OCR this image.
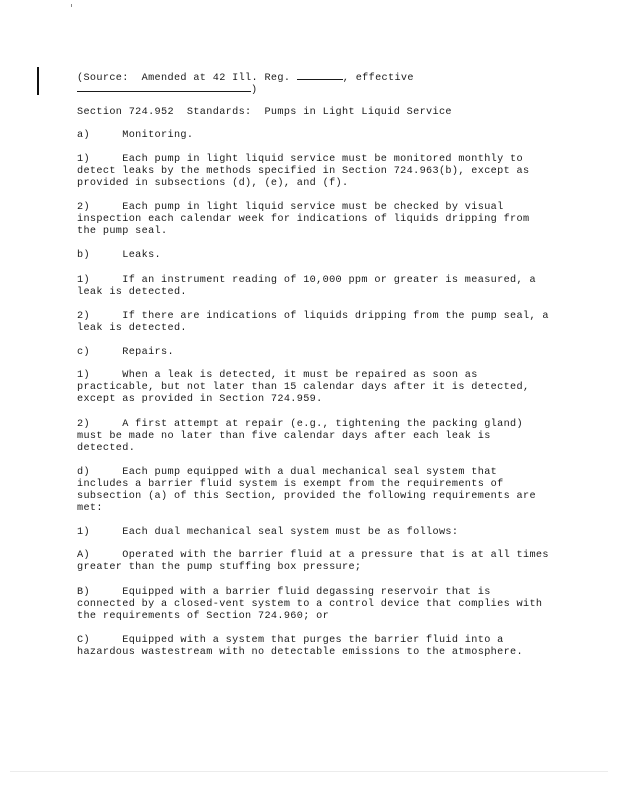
(Source:  Amended at 42 Ill. Reg.	, effective
)
Section 724.952  Standards:  Pumps in Light Liquid Service
a)     Monitoring.
1)     Each pump in light liquid service must be monitored monthly to
detect leaks by the methods specified in Section 724.963(b), except as
provided in subsections (d), (e), and (f).
2)     Each pump in light liquid service must be checked by visual
inspection each calendar week for indications of liquids dripping from
the pump seal.
b)     Leaks.
1)     If an instrument reading of 10,000 ppm or greater is measured, a
leak is detected.
2)     If there are indications of liquids dripping from the pump seal, a
leak is detected.
c)     Repairs.
1)     When a leak is detected, it must be repaired as soon as
practicable, but not later than 15 calendar days after it is detected,
except as provided in Section 724.959.
2)     A first attempt at repair (e.g., tightening the packing gland)
must be made no later than five calendar days after each leak is
detected.
d)     Each pump equipped with a dual mechanical seal system that
includes a barrier fluid system is exempt from the requirements of
subsection (a) of this Section, provided the following requirements are
met:
1)     Each dual mechanical seal system must be as follows:
A)     Operated with the barrier fluid at a pressure that is at all times
greater than the pump stuffing box pressure;
B)     Equipped with a barrier fluid degassing reservoir that is
connected by a closed-vent system to a control device that complies with
the requirements of Section 724.960; or
C)     Equipped with a system that purges the barrier fluid into a
hazardous wastestream with no detectable emissions to the atmosphere.
